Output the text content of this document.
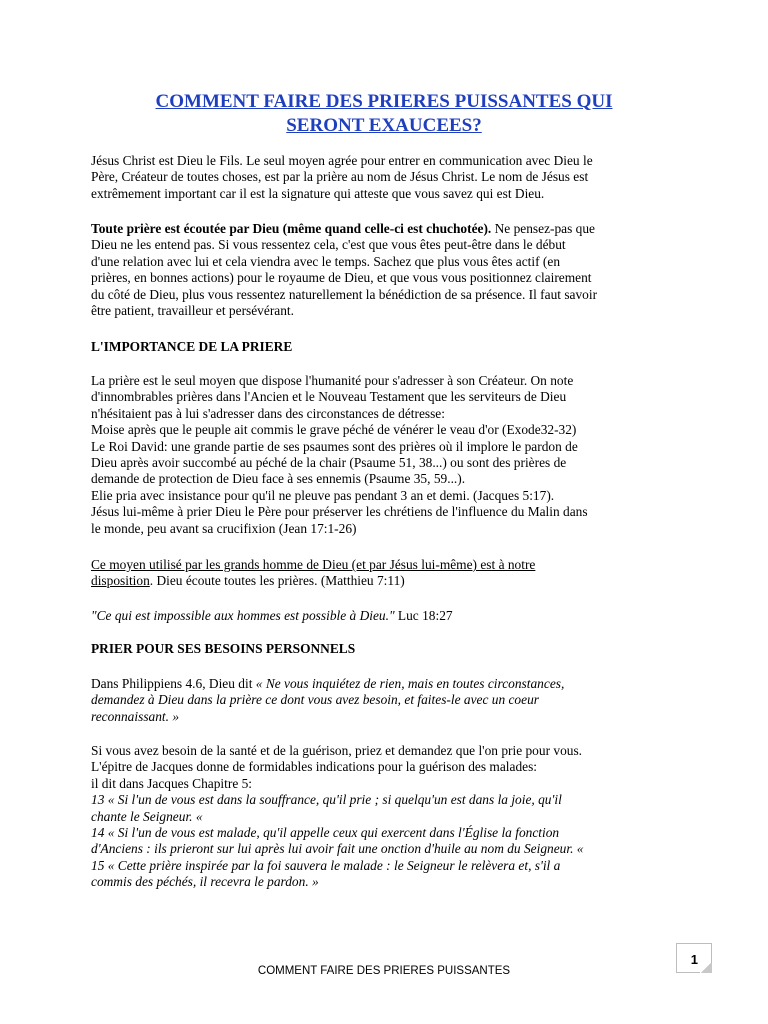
COMMENT FAIRE DES PRIERES PUISSANTES QUI
SERONT EXAUCEES?
Jésus Christ est Dieu le Fils. Le seul moyen agrée pour entrer en communication avec Dieu le
Père, Créateur de toutes choses, est par la prière au nom de Jésus Christ. Le nom de Jésus est
extrêmement important car il est la signature qui atteste que vous savez qui est Dieu.
Toute prière est écoutée par Dieu (même quand celle-ci est chuchotée). Ne pensez-pas que
Dieu ne les entend pas. Si vous ressentez cela, c'est que vous êtes peut-être dans le début
d'une relation avec lui et cela viendra avec le temps. Sachez que plus vous êtes actif (en
prières, en bonnes actions) pour le royaume de Dieu, et que vous vous positionnez clairement
du côté de Dieu, plus vous ressentez naturellement la bénédiction de sa présence. Il faut savoir
être patient, travailleur et persévérant.
L'IMPORTANCE DE LA PRIERE
La prière est le seul moyen que dispose l'humanité pour s'adresser à son Créateur. On note
d'innombrables prières dans l'Ancien et le Nouveau Testament que les serviteurs de Dieu
n'hésitaient pas à lui s'adresser dans des circonstances de détresse:
Moise après que le peuple ait commis le grave péché de vénérer le veau d'or (Exode32-32)
Le Roi David: une grande partie de ses psaumes sont des prières où il implore le pardon de
Dieu après avoir succombé au péché de la chair (Psaume 51, 38...) ou sont des prières de
demande de protection de Dieu face à ses ennemis (Psaume 35, 59...).
Elie pria avec insistance pour qu'il ne pleuve pas pendant 3 an et demi. (Jacques 5:17).
Jésus lui-même à prier Dieu le Père pour préserver les chrétiens de l'influence du Malin dans
le monde, peu avant sa crucifixion (Jean 17:1-26)
Ce moyen utilisé par les grands homme de Dieu (et par Jésus lui-même) est à notre
disposition. Dieu écoute toutes les prières. (Matthieu 7:11)
"Ce qui est impossible aux hommes est possible à Dieu." Luc 18:27
PRIER POUR SES BESOINS PERSONNELS
Dans Philippiens 4.6, Dieu dit « Ne vous inquiétez de rien, mais en toutes circonstances,
demandez à Dieu dans la prière ce dont vous avez besoin, et faites-le avec un coeur
reconnaissant. »
Si vous avez besoin de la santé et de la guérison, priez et demandez que l'on prie pour vous.
L'épitre de Jacques donne de formidables indications pour la guérison des malades:
il dit dans Jacques Chapitre 5:
13 « Si l'un de vous est dans la souffrance, qu'il prie ; si quelqu'un est dans la joie, qu'il
chante le Seigneur. «
14 « Si l'un de vous est malade, qu'il appelle ceux qui exercent dans l'Église la fonction
d'Anciens : ils prieront sur lui après lui avoir fait une onction d'huile au nom du Seigneur. «
15 « Cette prière inspirée par la foi sauvera le malade : le Seigneur le relèvera et, s'il a
commis des péchés, il recevra le pardon. »
1
COMMENT FAIRE DES PRIERES PUISSANTES
